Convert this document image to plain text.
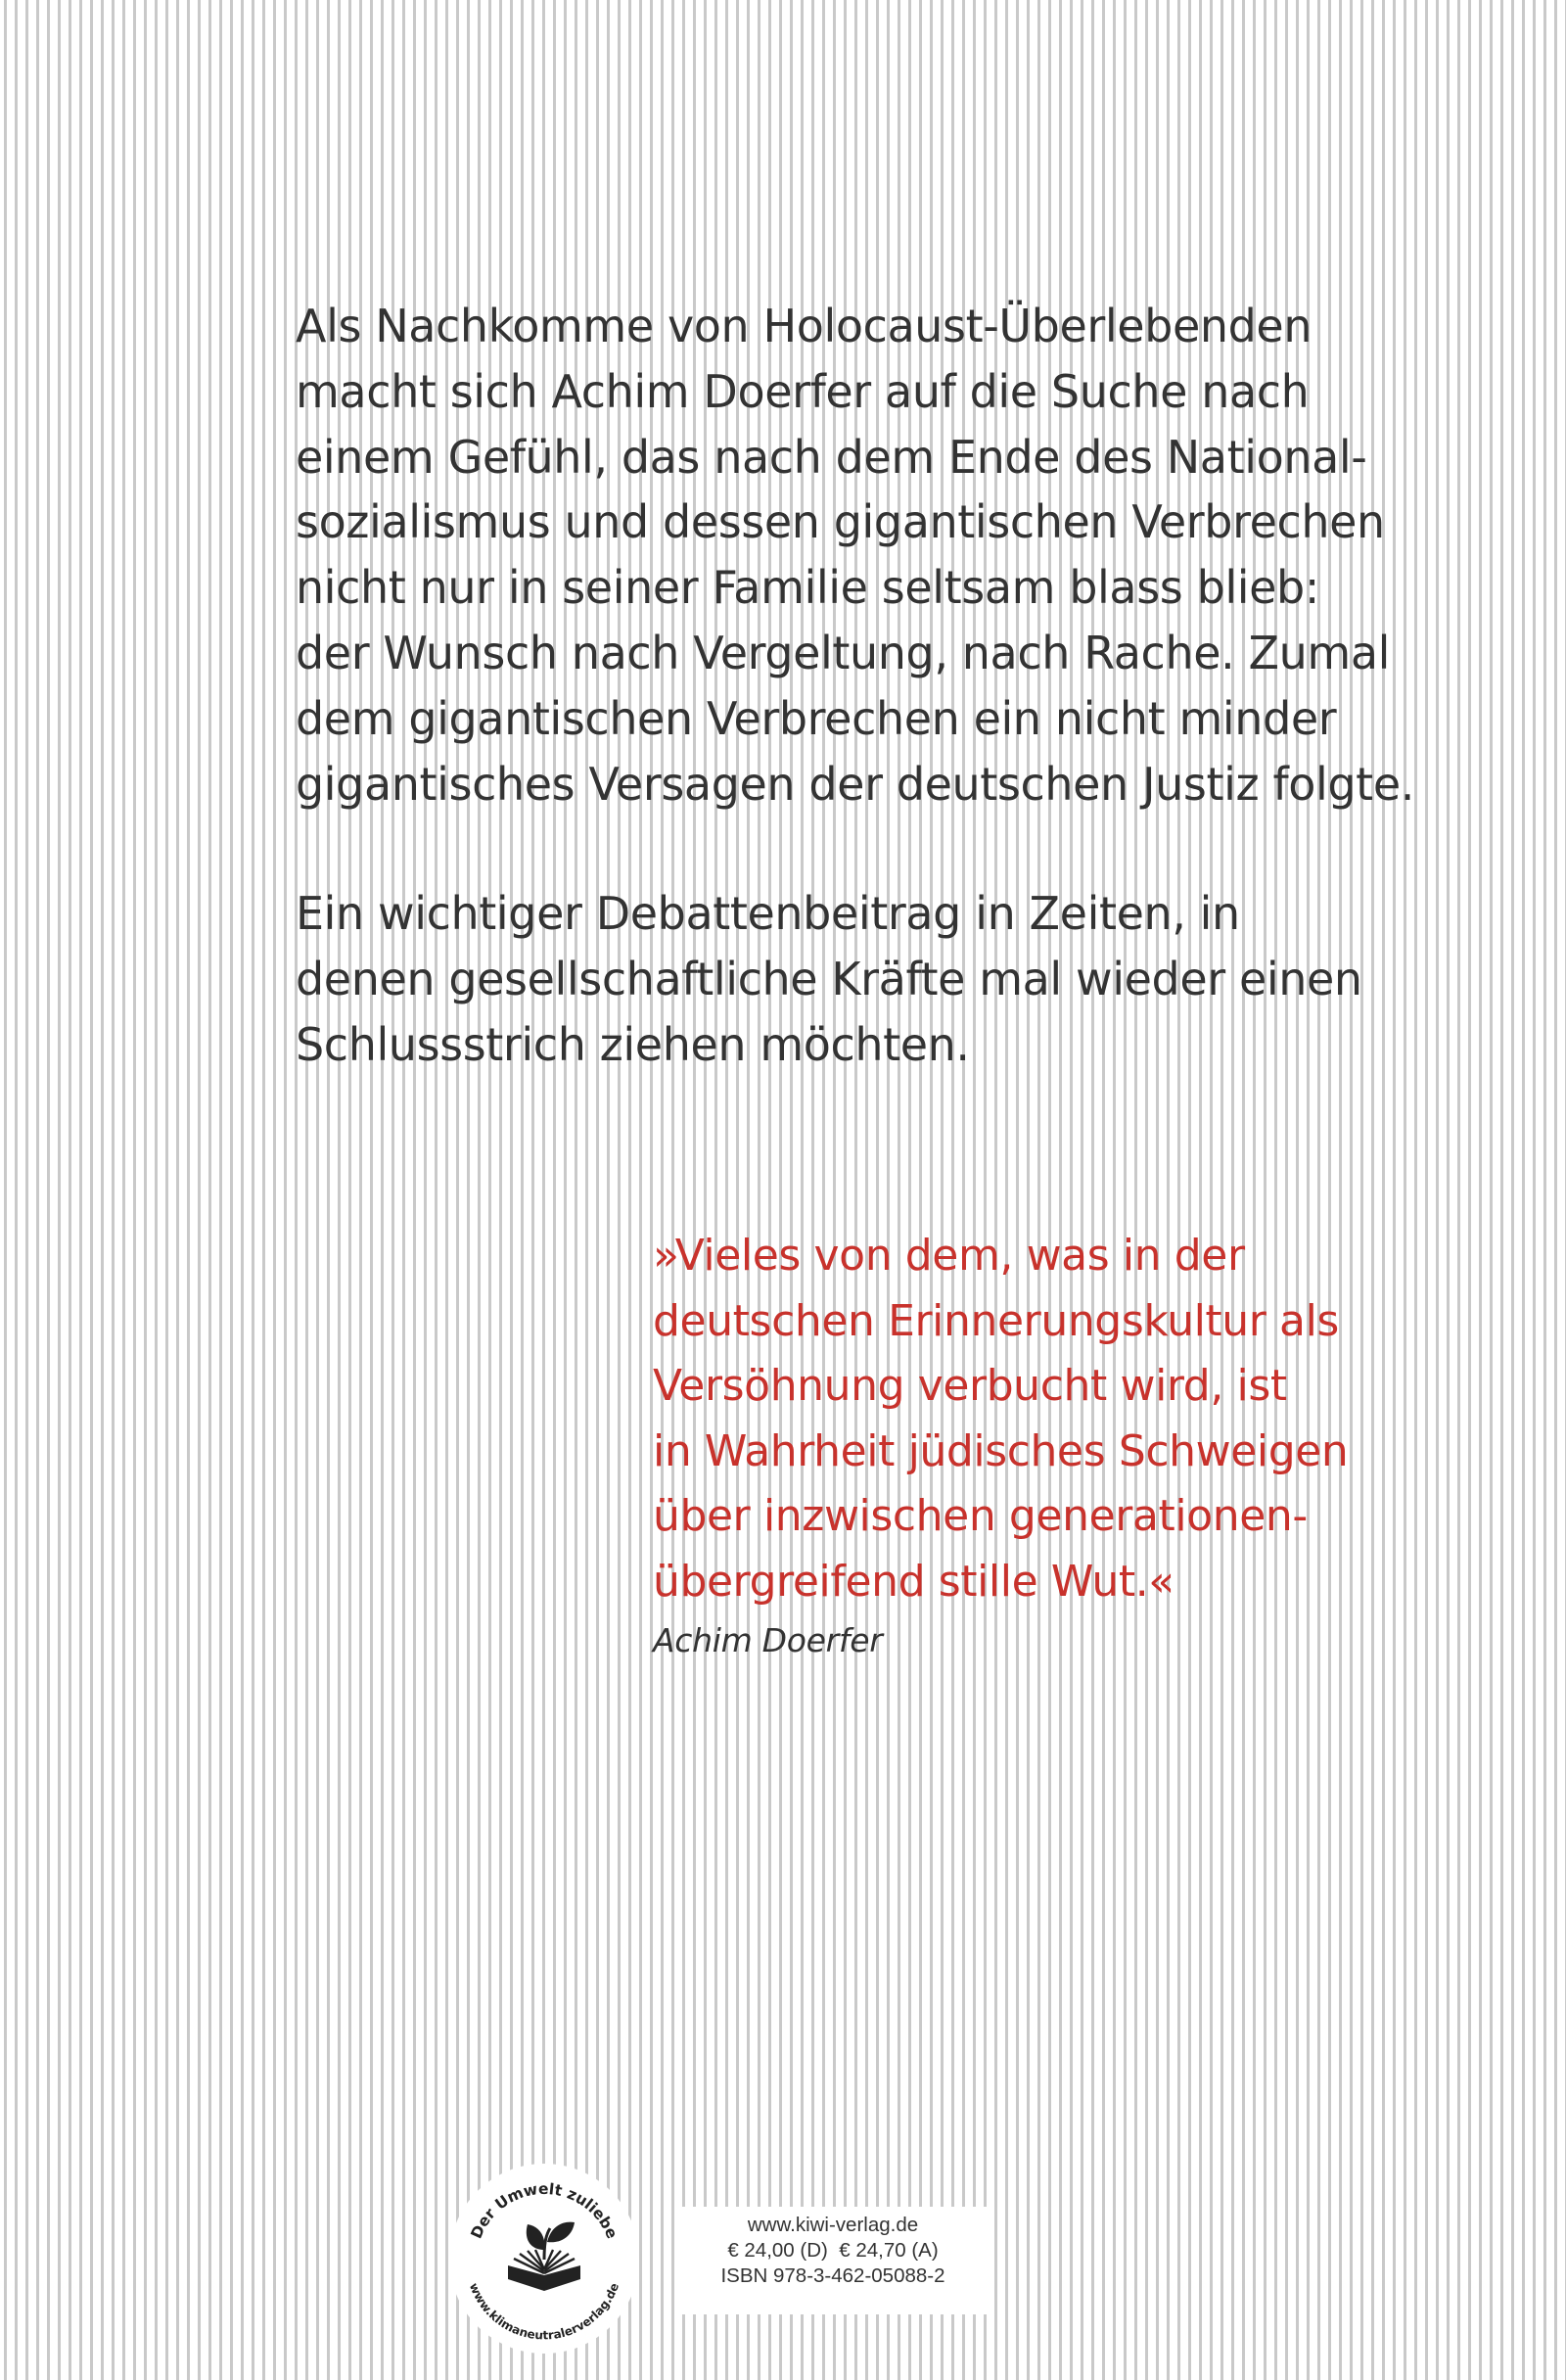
Als Nachkomme von Holocaust-Überlebenden
macht sich Achim Doerfer auf die Suche nach
einem Gefühl, das nach dem Ende des National-
sozialismus und dessen gigantischen Verbrechen
nicht nur in seiner Familie seltsam blass blieb:
der Wunsch nach Vergeltung, nach Rache. Zumal
dem gigantischen Verbrechen ein nicht minder
gigantisches Versagen der deutschen Justiz folgte.

Ein wichtiger Debattenbeitrag in Zeiten, in
denen gesellschaftliche Kräfte mal wieder einen
Schlussstrich ziehen möchten.

»Vieles von dem, was in der
deutschen Erinnerungskultur als
Versöhnung verbucht wird, ist
in Wahrheit jüdisches Schweigen
über inzwischen generationen-
übergreifend stille Wut.«
Achim Doerfer
Der Umwelt zuliebe
www.klimaneutralerverlag.de
www.kiwi-verlag.de
€ 24,00 (D)  € 24,70 (A)
ISBN 978-3-462-05088-2
